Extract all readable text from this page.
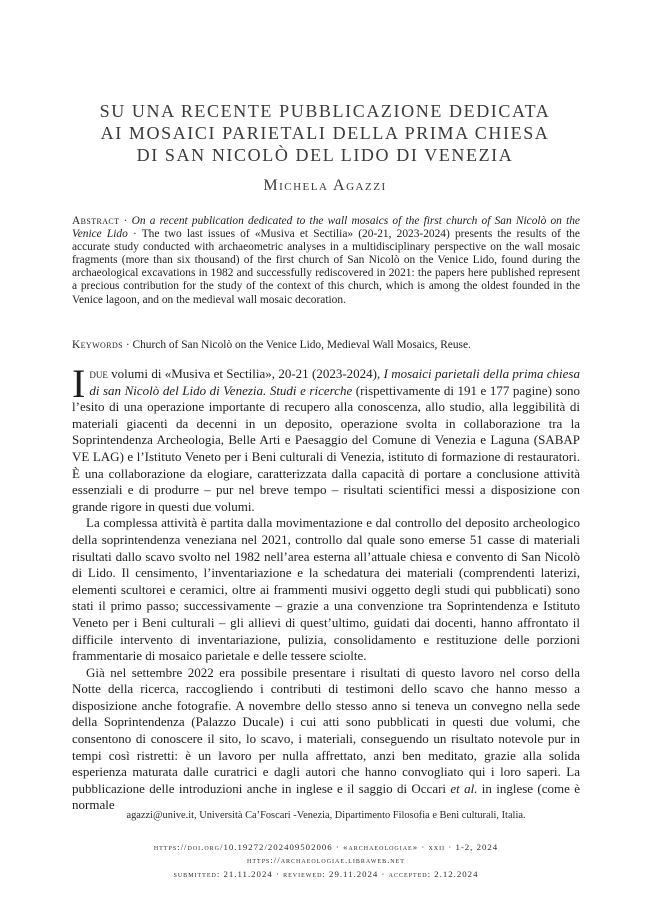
SU UNA RECENTE PUBBLICAZIONE DEDICATA
AI MOSAICI PARIETALI DELLA PRIMA CHIESA
DI SAN NICOLÒ DEL LIDO DI VENEZIA
Michela Agazzi
Abstract · On a recent publication dedicated to the wall mosaics of the first church of San Nicolò on the Venice Lido · The two last issues of «Musiva et Sectilia» (20-21, 2023-2024) presents the results of the accurate study conducted with archaeometric analyses in a multidisciplinary perspective on the wall mosaic fragments (more than six thousand) of the first church of San Nicolò on the Venice Lido, found during the archaeological excavations in 1982 and successfully rediscovered in 2021: the papers here published represent a precious contribution for the study of the context of this church, which is among the oldest founded in the Venice lagoon, and on the medieval wall mosaic decoration.
Keywords · Church of San Nicolò on the Venice Lido, Medieval Wall Mosaics, Reuse.

Idue volumi di «Musiva et Sectilia», 20-21 (2023-2024), I mosaici parietali della prima chiesa di san Nicolò del Lido di Venezia. Studi e ricerche (rispettivamente di 191 e 177 pagine) sono l’esito di una operazione importante di recupero alla conoscenza, allo studio, alla leggibilità di materiali giacenti da decenni in un deposito, operazione svolta in collaborazione tra la Soprintendenza Archeologia, Belle Arti e Paesaggio del Comune di Venezia e Laguna (SABAP VE LAG) e l’Istituto Veneto per i Beni culturali di Venezia, istituto di formazione di restauratori. È una collaborazione da elogiare, caratterizzata dalla capacità di portare a conclusione attività essenziali e di produrre – pur nel breve tempo – risultati scientifici messi a disposizione con grande rigore in questi due volumi.

La complessa attività è partita dalla movimentazione e dal controllo del deposito archeologico della soprintendenza veneziana nel 2021, controllo dal quale sono emerse 51 casse di materiali risultati dallo scavo svolto nel 1982 nell’area esterna all’attuale chiesa e convento di San Nicolò di Lido. Il censimento, l’inventariazione e la schedatura dei materiali (comprendenti laterizi, elementi scultorei e ceramici, oltre ai frammenti musivi oggetto degli studi qui pubblicati) sono stati il primo passo; successivamente – grazie a una convenzione tra Soprintendenza e Istituto Veneto per i Beni culturali – gli allievi di quest’ultimo, guidati dai docenti, hanno affrontato il difficile intervento di inventariazione, pulizia, consolidamento e restituzione delle porzioni frammentarie di mosaico parietale e delle tessere sciolte.

Già nel settembre 2022 era possibile presentare i risultati di questo lavoro nel corso della Notte della ricerca, raccogliendo i contributi di testimoni dello scavo che hanno messo a disposizione anche fotografie. A novembre dello stesso anno si teneva un convegno nella sede della Soprintendenza (Palazzo Ducale) i cui atti sono pubblicati in questi due volumi, che consentono di conoscere il sito, lo scavo, i materiali, conseguendo un risultato notevole pur in tempi così ristretti: è un lavoro per nulla affrettato, anzi ben meditato, grazie alla solida esperienza maturata dalle curatrici e dagli autori che hanno convogliato qui i loro saperi. La pubblicazione delle introduzioni anche in inglese e il saggio di Occari et al. in inglese (come è normale

agazzi@unive.it, Università Ca’Foscari -Venezia, Dipartimento Filosofia e Beni culturali, Italia.
https://doi.org/10.19272/202409502006 · «archaeologiae» · xxii · 1-2, 2024
https://archaeologiae.libraweb.net
submitted: 21.11.2024 · reviewed: 29.11.2024 · accepted: 2.12.2024
